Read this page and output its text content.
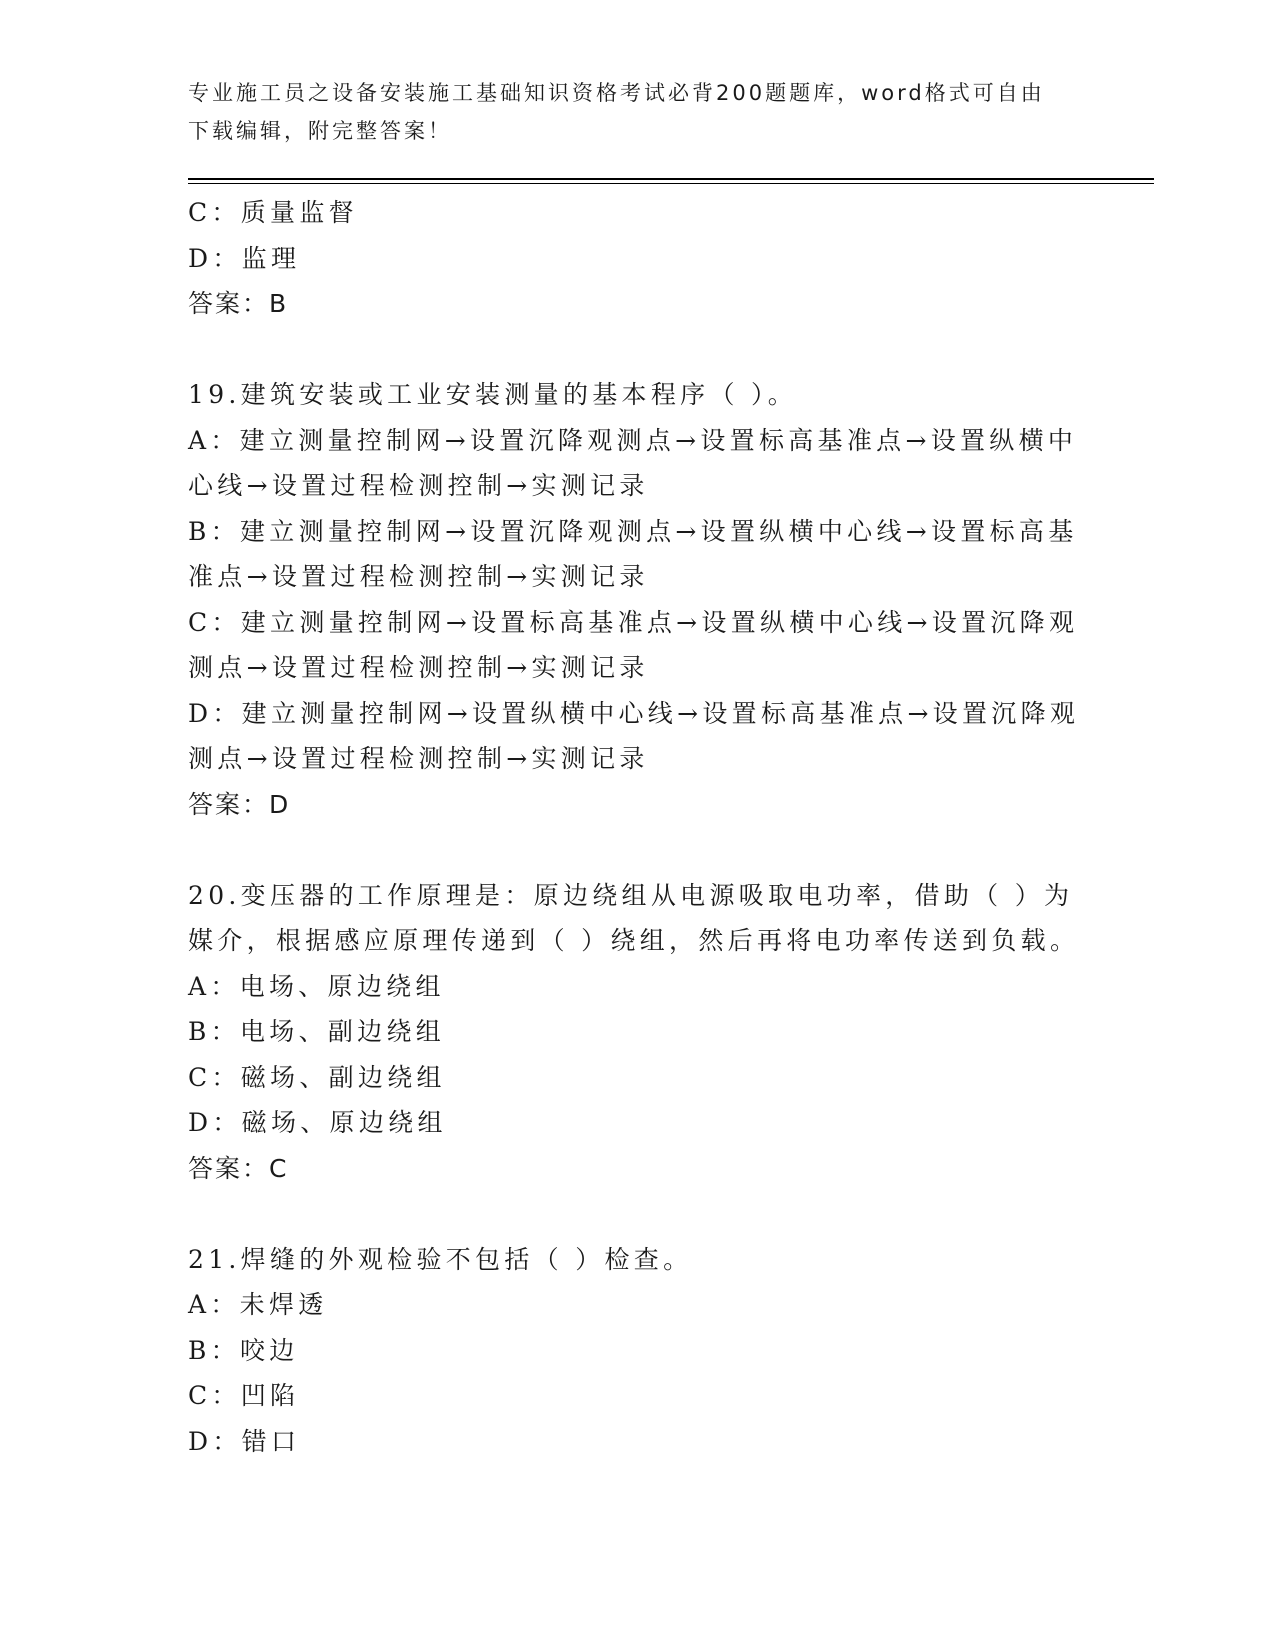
专业施工员之设备安装施工基础知识资格考试必背200题题库，word格式可自由
下载编辑，附完整答案！
C：质量监督
D：监理
答案：B
19.建筑安装或工业安装测量的基本程序（ ）。
A：建立测量控制网→设置沉降观测点→设置标高基准点→设置纵横中
心线→设置过程检测控制→实测记录
B：建立测量控制网→设置沉降观测点→设置纵横中心线→设置标高基
准点→设置过程检测控制→实测记录
C：建立测量控制网→设置标高基准点→设置纵横中心线→设置沉降观
测点→设置过程检测控制→实测记录
D：建立测量控制网→设置纵横中心线→设置标高基准点→设置沉降观
测点→设置过程检测控制→实测记录
答案：D
20.变压器的工作原理是：原边绕组从电源吸取电功率，借助（ ）为
媒介，根据感应原理传递到（ ）绕组，然后再将电功率传送到负载。
A：电场、原边绕组
B：电场、副边绕组
C：磁场、副边绕组
D：磁场、原边绕组
答案：C
21.焊缝的外观检验不包括（ ）检查。
A：未焊透
B：咬边
C：凹陷
D：错口
